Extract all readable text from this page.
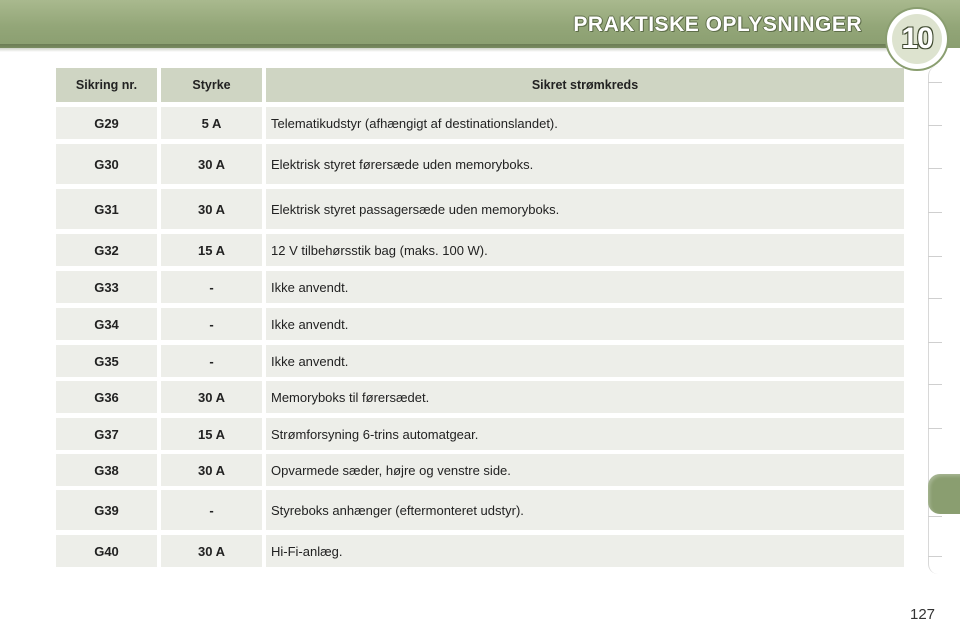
PRAKTISKE OPLYSNINGER 10
Sikring nr.	Styrke	Sikret strømkreds
G29	5 A	Telematikudstyr (afhængigt af destinationslandet).
G30	30 A	Elektrisk styret førersæde uden memoryboks.
G31	30 A	Elektrisk styret passagersæde uden memoryboks.
G32	15 A	12 V tilbehørsstik bag (maks. 100 W).
G33	-	Ikke anvendt.
G34	-	Ikke anvendt.
G35	-	Ikke anvendt.
G36	30 A	Memoryboks til førersædet.
G37	15 A	Strømforsyning 6-trins automatgear.
G38	30 A	Opvarmede sæder, højre og venstre side.
G39	-	Styreboks anhænger (eftermonteret udstyr).
G40	30 A	Hi-Fi-anlæg.
127
